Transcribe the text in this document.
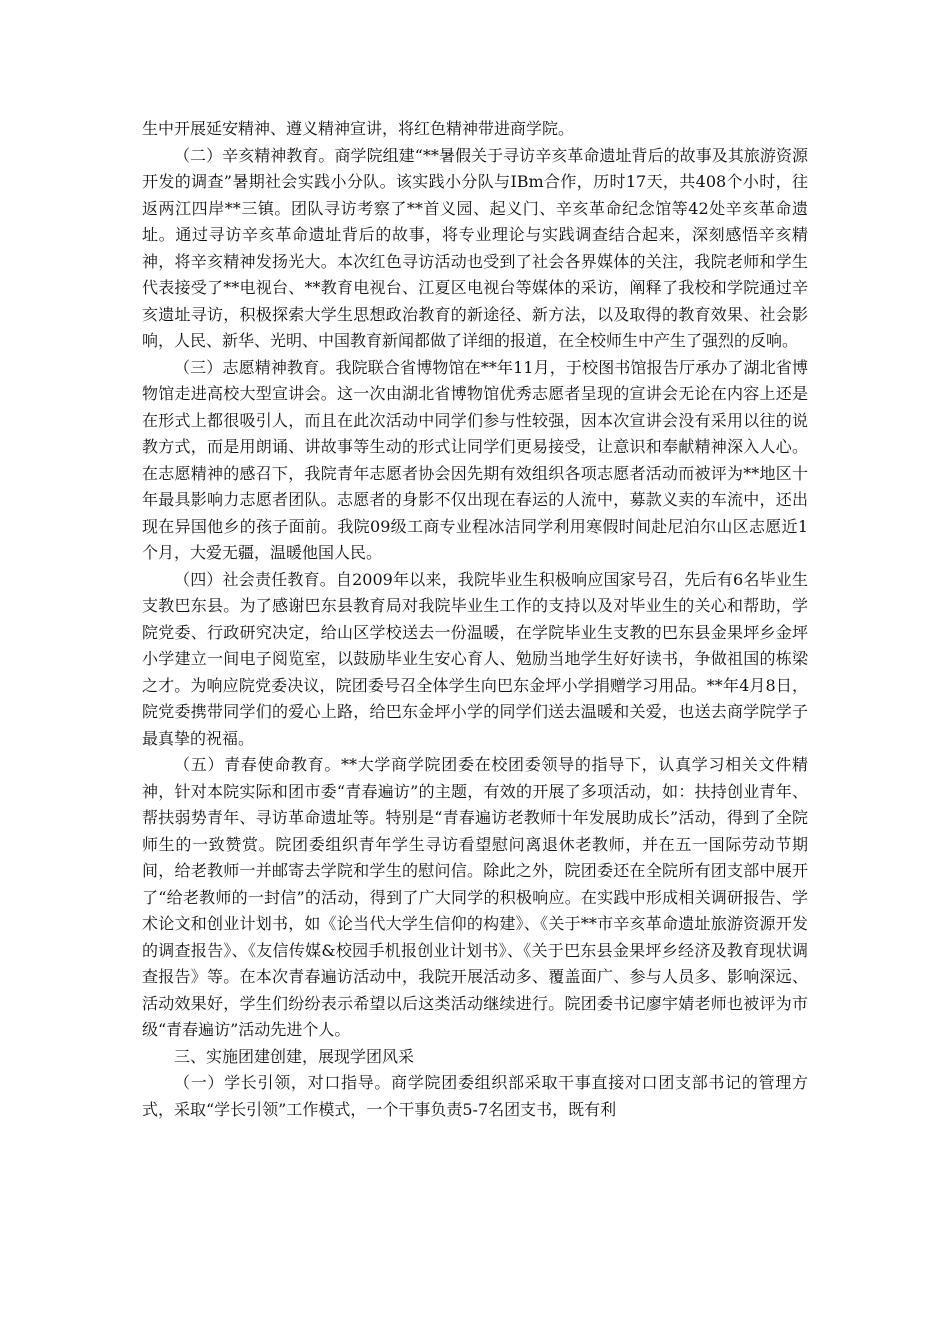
生中开展延安精神、遵义精神宣讲，将红色精神带进商学院。

（二）辛亥精神教育。商学院组建“**暑假关于寻访辛亥革命遗址背后的故事及其旅游资源开发的调查”暑期社会实践小分队。该实践小分队与IBm合作，历时17天，共408个小时，往返两江四岸**三镇。团队寻访考察了**首义园、起义门、辛亥革命纪念馆等42处辛亥革命遗址。通过寻访辛亥革命遗址背后的故事，将专业理论与实践调查结合起来，深刻感悟辛亥精神，将辛亥精神发扬光大。本次红色寻访活动也受到了社会各界媒体的关注，我院老师和学生代表接受了**电视台、**教育电视台、江夏区电视台等媒体的采访，阐释了我校和学院通过辛亥遗址寻访，积极探索大学生思想政治教育的新途径、新方法，以及取得的教育效果、社会影响，人民、新华、光明、中国教育新闻都做了详细的报道，在全校师生中产生了强烈的反响。

（三）志愿精神教育。我院联合省博物馆在**年11月，于校图书馆报告厅承办了湖北省博物馆走进高校大型宣讲会。这一次由湖北省博物馆优秀志愿者呈现的宣讲会无论在内容上还是在形式上都很吸引人，而且在此次活动中同学们参与性较强，因本次宣讲会没有采用以往的说教方式，而是用朗诵、讲故事等生动的形式让同学们更易接受，让意识和奉献精神深入人心。在志愿精神的感召下，我院青年志愿者协会因先期有效组织各项志愿者活动而被评为**地区十年最具影响力志愿者团队。志愿者的身影不仅出现在春运的人流中，募款义卖的车流中，还出现在异国他乡的孩子面前。我院09级工商专业程冰洁同学利用寒假时间赴尼泊尔山区志愿近1个月，大爱无疆，温暖他国人民。

（四）社会责任教育。自2009年以来，我院毕业生积极响应国家号召，先后有6名毕业生支教巴东县。为了感谢巴东县教育局对我院毕业生工作的支持以及对毕业生的关心和帮助，学院党委、行政研究决定，给山区学校送去一份温暖，在学院毕业生支教的巴东县金果坪乡金坪小学建立一间电子阅览室，以鼓励毕业生安心育人、勉励当地学生好好读书，争做祖国的栋梁之才。为响应院党委决议，院团委号召全体学生向巴东金坪小学捐赠学习用品。**年4月8日，院党委携带同学们的爱心上路，给巴东金坪小学的同学们送去温暖和关爱，也送去商学院学子最真挚的祝福。

（五）青春使命教育。**大学商学院团委在校团委领导的指导下，认真学习相关文件精神，针对本院实际和团市委“青春遍访”的主题，有效的开展了多项活动，如：扶持创业青年、帮扶弱势青年、寻访革命遗址等。特别是“青春遍访老教师十年发展助成长”活动，得到了全院师生的一致赞赏。院团委组织青年学生寻访看望慰问离退休老教师，并在五一国际劳动节期间，给老教师一并邮寄去学院和学生的慰问信。除此之外，院团委还在全院所有团支部中展开了“给老教师的一封信”的活动，得到了广大同学的积极响应。在实践中形成相关调研报告、学术论文和创业计划书，如《论当代大学生信仰的构建》、《关于**市辛亥革命遗址旅游资源开发的调查报告》、《友信传媒&校园手机报创业计划书》、《关于巴东县金果坪乡经济及教育现状调查报告》等。在本次青春遍访活动中，我院开展活动多、覆盖面广、参与人员多、影响深远、活动效果好，学生们纷纷表示希望以后这类活动继续进行。院团委书记廖宇婧老师也被评为市级“青春遍访”活动先进个人。

三、实施团建创建，展现学团风采

（一）学长引领，对口指导。商学院团委组织部采取干事直接对口团支部书记的管理方式，采取“学长引领”工作模式，一个干事负责5-7名团支书，既有利
